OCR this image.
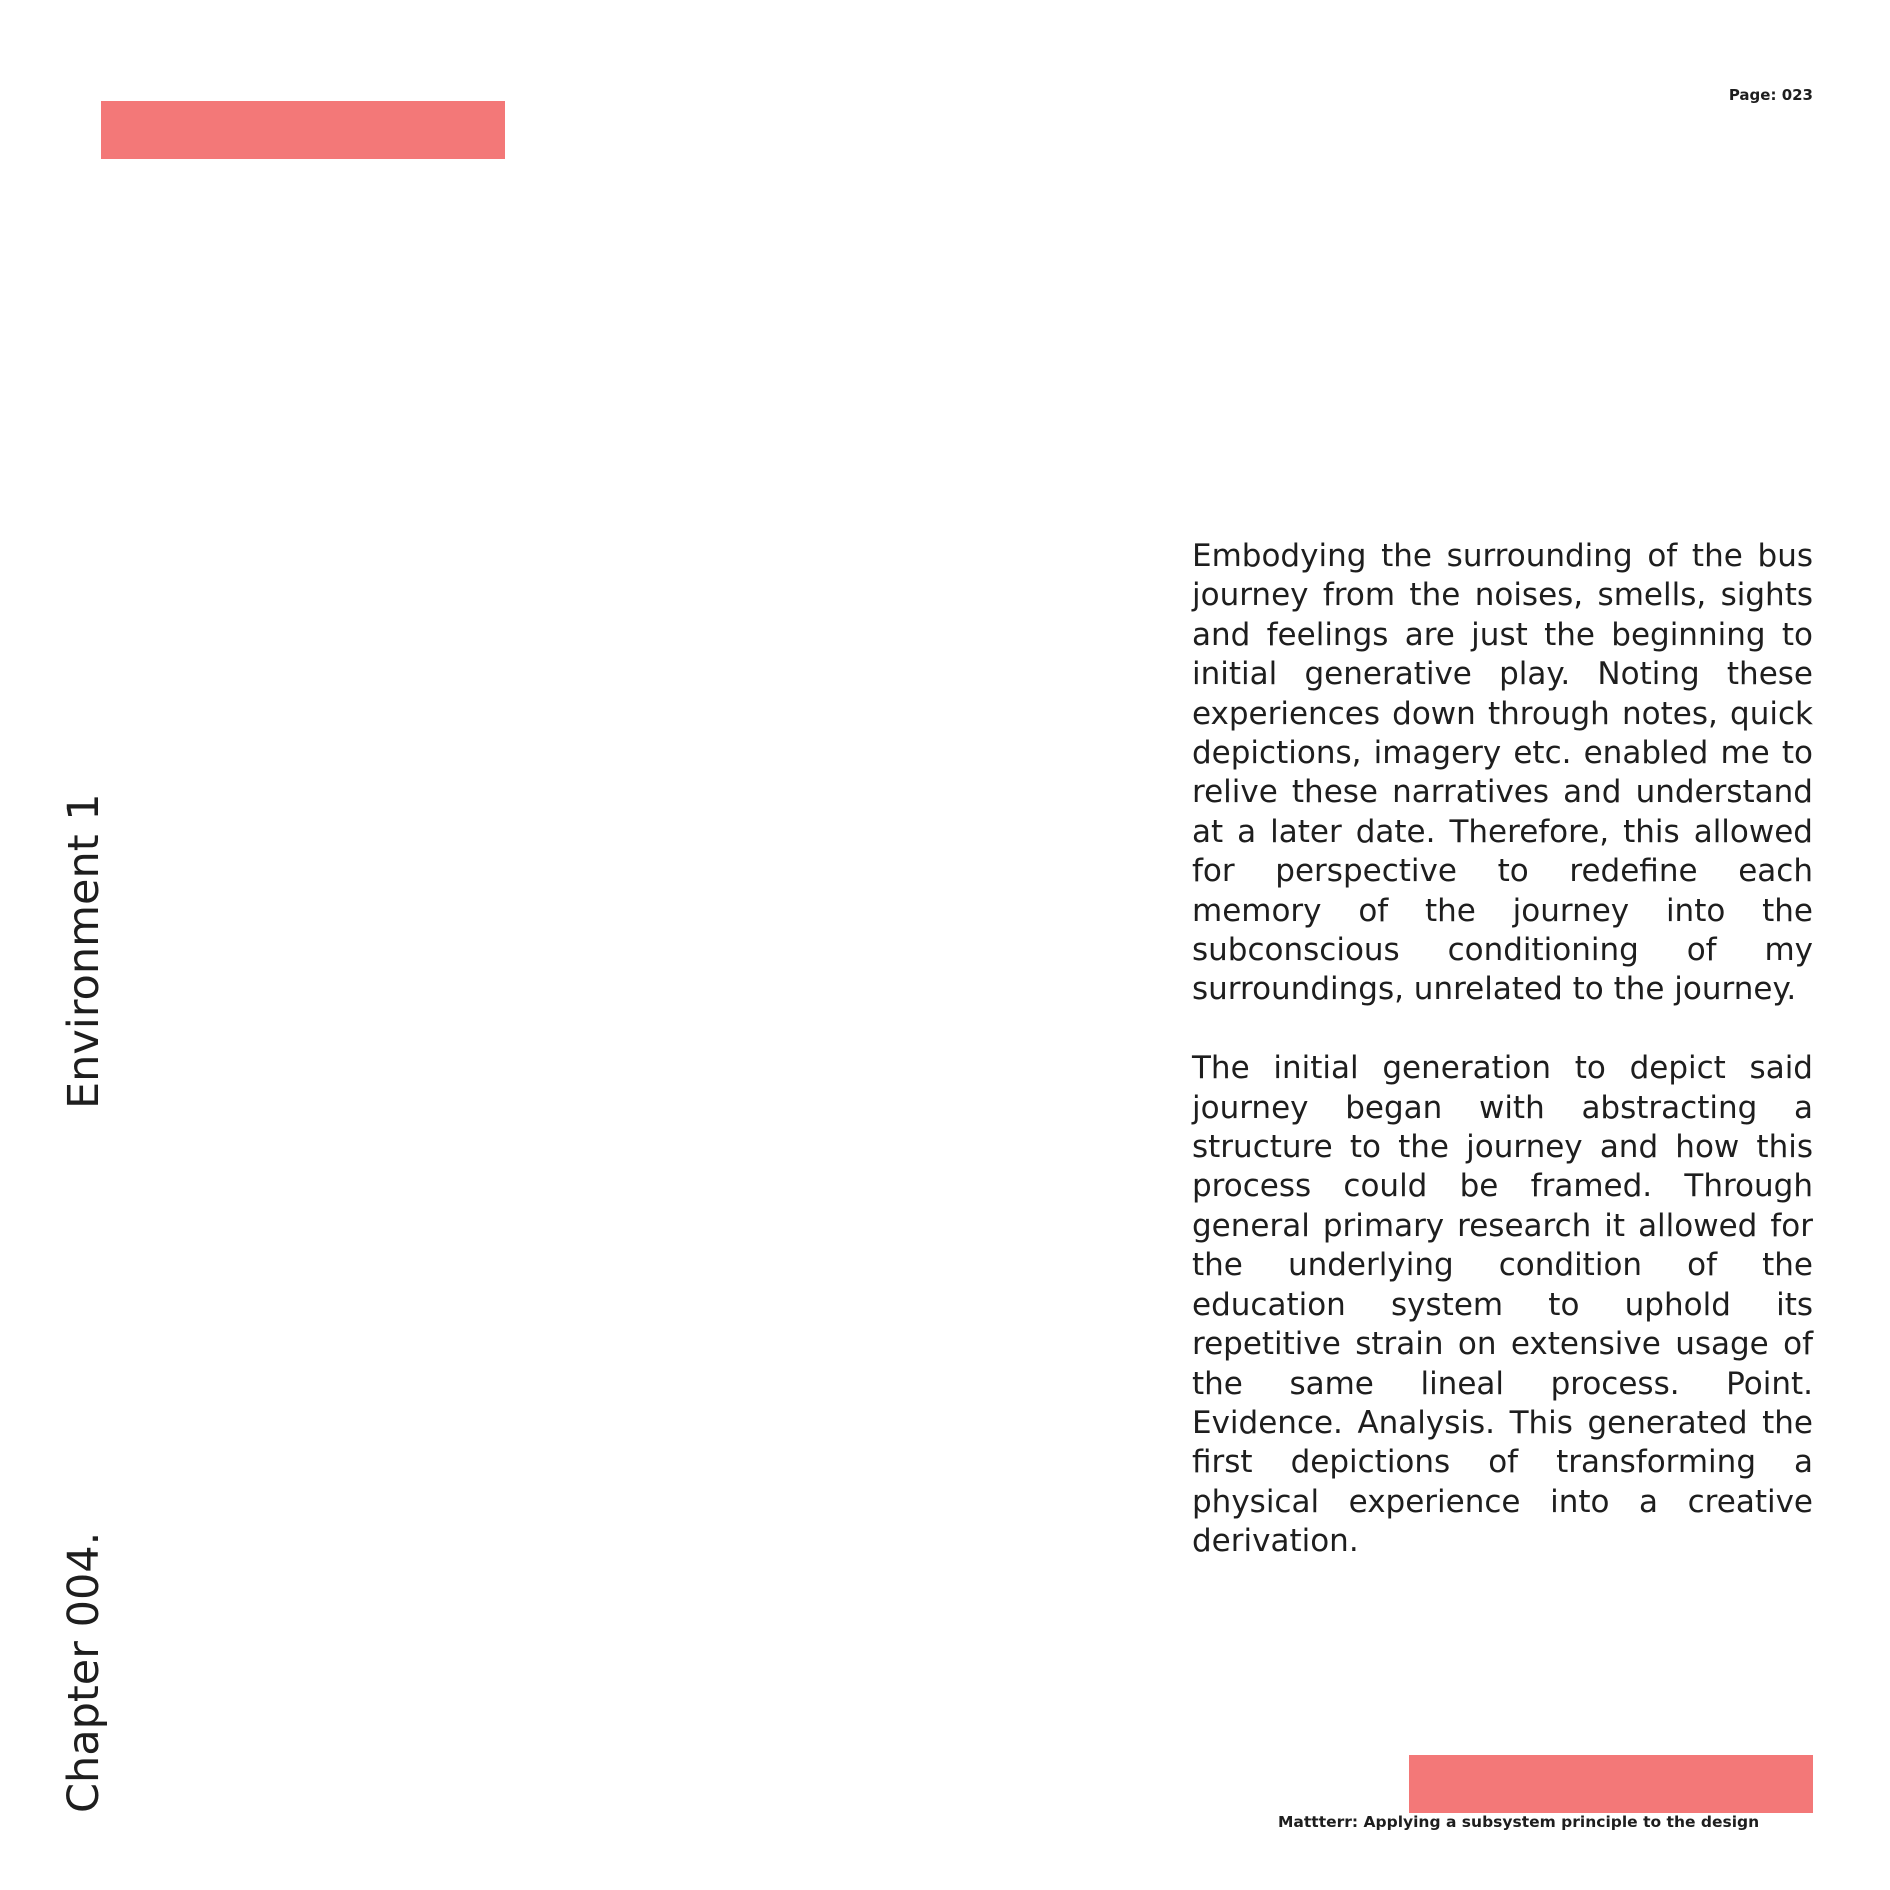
Page: 023
Environment 1
Chapter 004.

Embodying the surrounding of the bus journey from the noises, smells, sights and feelings are just the beginning to initial generative play. Noting these experiences down through notes, quick depictions, imagery etc. enabled me to relive these narratives and understand at a later date. Therefore, this allowed for perspective to redefine each memory of the journey into the subconscious conditioning of my surroundings, unrelated to the journey.

The initial generation to depict said journey began with abstracting a structure to the journey and how this process could be framed. Through general primary research it allowed for the underlying condition of the education system to uphold its repetitive strain on extensive usage of the same lineal process. Point. Evidence. Analysis. This generated the first depictions of transforming a physical experience into a creative derivation.

Mattterr: Applying a subsystem principle to the design
